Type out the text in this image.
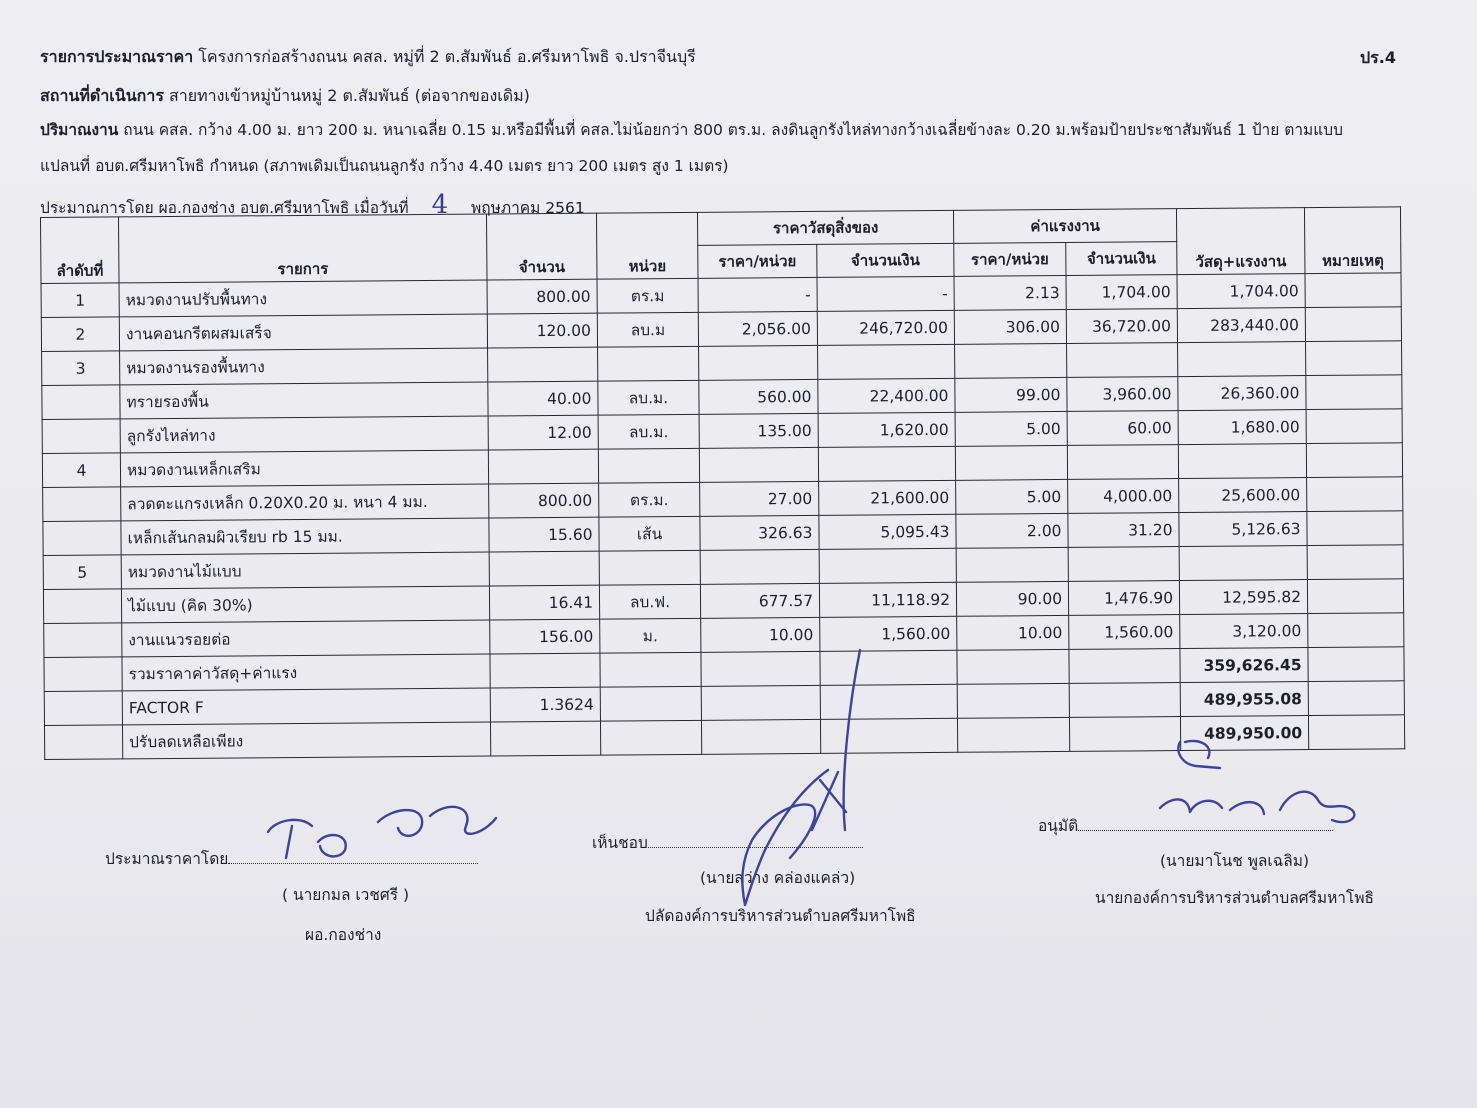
รายการประมาณราคา โครงการก่อสร้างถนน คสล. หมู่ที่ 2 ต.สัมพันธ์ อ.ศรีมหาโพธิ จ.ปราจีนบุรี	ปร.4
สถานที่ดำเนินการ สายทางเข้าหมู่บ้านหมู่ 2 ต.สัมพันธ์ (ต่อจากของเดิม)
ปริมาณงาน ถนน คสล. กว้าง 4.00 ม. ยาว 200 ม. หนาเฉลี่ย 0.15 ม.หรือมีพื้นที่ คสล.ไม่น้อยกว่า 800 ตร.ม. ลงดินลูกรังไหล่ทางกว้างเฉลี่ยข้างละ 0.20 ม.พร้อมป้ายประชาสัมพันธ์ 1 ป้าย ตามแบบ
แปลนที่ อบต.ศรีมหาโพธิ กำหนด (สภาพเดิมเป็นถนนลูกรัง กว้าง 4.40 เมตร ยาว 200 เมตร สูง 1 เมตร)
ประมาณการโดย ผอ.กองช่าง อบต.ศรีมหาโพธิ เมื่อวันที่ 4 พฤษภาคม 2561
ลำดับที่	รายการ	จำนวน	หน่วย	ราคาวัสดุสิ่งของ		ค่าแรงงาน		วัสดุ+แรงงาน	หมายเหตุ
				ราคา/หน่วย	จำนวนเงิน	ราคา/หน่วย	จำนวนเงิน		
1	หมวดงานปรับพื้นทาง	800.00	ตร.ม	-	-	2.13	1,704.00	1,704.00	
2	งานคอนกรีตผสมเสร็จ	120.00	ลบ.ม	2,056.00	246,720.00	306.00	36,720.00	283,440.00	
3	หมวดงานรองพื้นทาง								
	ทรายรองพื้น	40.00	ลบ.ม.	560.00	22,400.00	99.00	3,960.00	26,360.00	
	ลูกรังไหล่ทาง	12.00	ลบ.ม.	135.00	1,620.00	5.00	60.00	1,680.00	
4	หมวดงานเหล็กเสริม								
	ลวดตะแกรงเหล็ก 0.20X0.20 ม. หนา 4 มม.	800.00	ตร.ม.	27.00	21,600.00	5.00	4,000.00	25,600.00	
	เหล็กเส้นกลมผิวเรียบ rb 15 มม.	15.60	เส้น	326.63	5,095.43	2.00	31.20	5,126.63	
5	หมวดงานไม้แบบ								
	ไม้แบบ (คิด 30%)	16.41	ลบ.ฟ.	677.57	11,118.92	90.00	1,476.90	12,595.82	
	งานแนวรอยต่อ	156.00	ม.	10.00	1,560.00	10.00	1,560.00	3,120.00	
	รวมราคาค่าวัสดุ+ค่าแรง							359,626.45	
	FACTOR F	1.3624						489,955.08	
	ปรับลดเหลือเพียง							489,950.00	
ประมาณราคาโดย
( นายกมล เวชศรี )
ผอ.กองช่าง
เห็นชอบ
(นายสว่าง คล่องแคล่ว)
ปลัดองค์การบริหารส่วนตำบลศรีมหาโพธิ
อนุมัติ
(นายมาโนช พูลเฉลิม)
นายกองค์การบริหารส่วนตำบลศรีมหาโพธิ
